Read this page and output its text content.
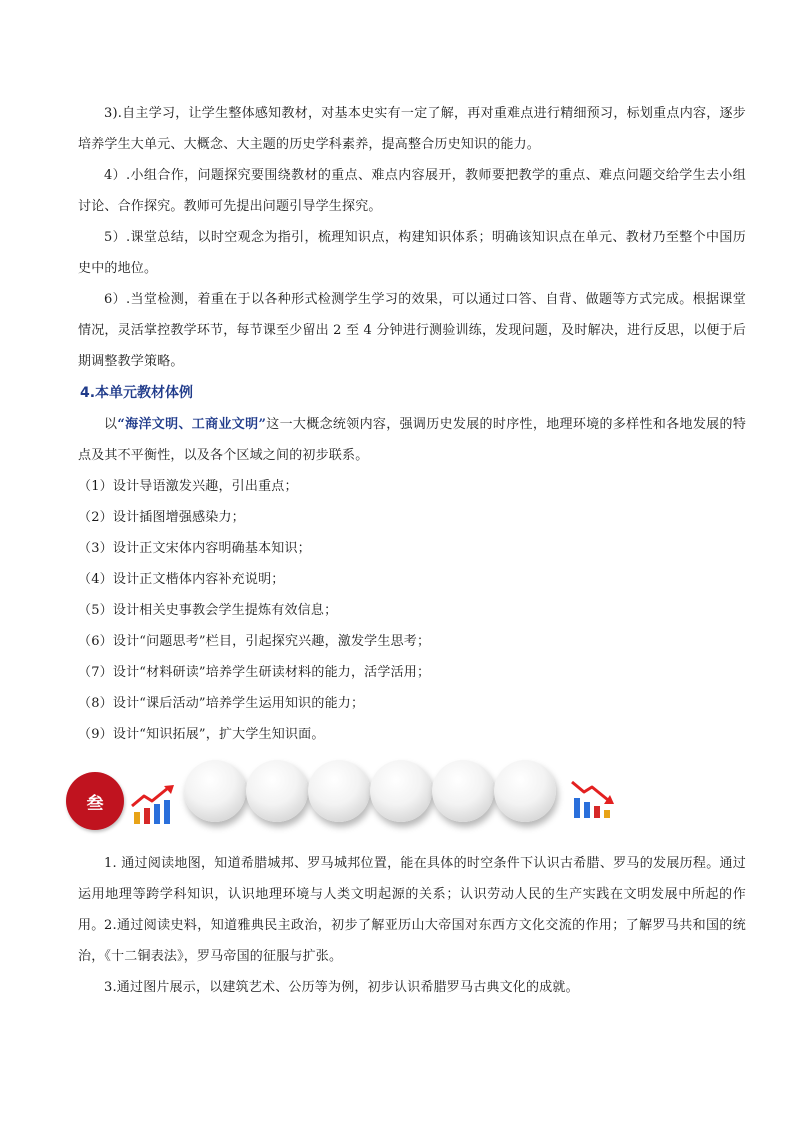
3).自主学习，让学生整体感知教材，对基本史实有一定了解，再对重难点进行精细预习，标划重点内容，逐步培养学生大单元、大概念、大主题的历史学科素养，提高整合历史知识的能力。

4）.小组合作，问题探究要围绕教材的重点、难点内容展开，教师要把教学的重点、难点问题交给学生去小组讨论、合作探究。教师可先提出问题引导学生探究。

5）.课堂总结，以时空观念为指引，梳理知识点，构建知识体系；明确该知识点在单元、教材乃至整个中国历史中的地位。

6）.当堂检测，着重在于以各种形式检测学生学习的效果，可以通过口答、自背、做题等方式完成。根据课堂情况，灵活掌控教学环节，每节课至少留出 2 至 4 分钟进行测验训练，发现问题，及时解决，进行反思，以便于后期调整教学策略。

4.本单元教材体例

以“海洋文明、工商业文明”这一大概念统领内容，强调历史发展的时序性，地理环境的多样性和各地发展的特点及其不平衡性，以及各个区域之间的初步联系。

（1）设计导语激发兴趣，引出重点；

（2）设计插图增强感染力；

（3）设计正文宋体内容明确基本知识；

（4）设计正文楷体内容补充说明；

（5）设计相关史事教会学生提炼有效信息；

（6）设计“问题思考”栏目，引起探究兴趣，激发学生思考；

（7）设计“材料研读”培养学生研读材料的能力，活学活用；

（8）设计“课后活动”培养学生运用知识的能力；

（9）设计“知识拓展”，扩大学生知识面。

叁

1. 通过阅读地图，知道希腊城邦、罗马城邦位置，能在具体的时空条件下认识古希腊、罗马的发展历程。通过运用地理等跨学科知识，认识地理环境与人类文明起源的关系；认识劳动人民的生产实践在文明发展中所起的作用。 2.通过阅读史料，知道雅典民主政治，初步了解亚历山大帝国对东西方文化交流的作用；了解罗马共和国的统治，《十二铜表法》，罗马帝国的征服与扩张。

3.通过图片展示，以建筑艺术、公历等为例，初步认识希腊罗马古典文化的成就。
